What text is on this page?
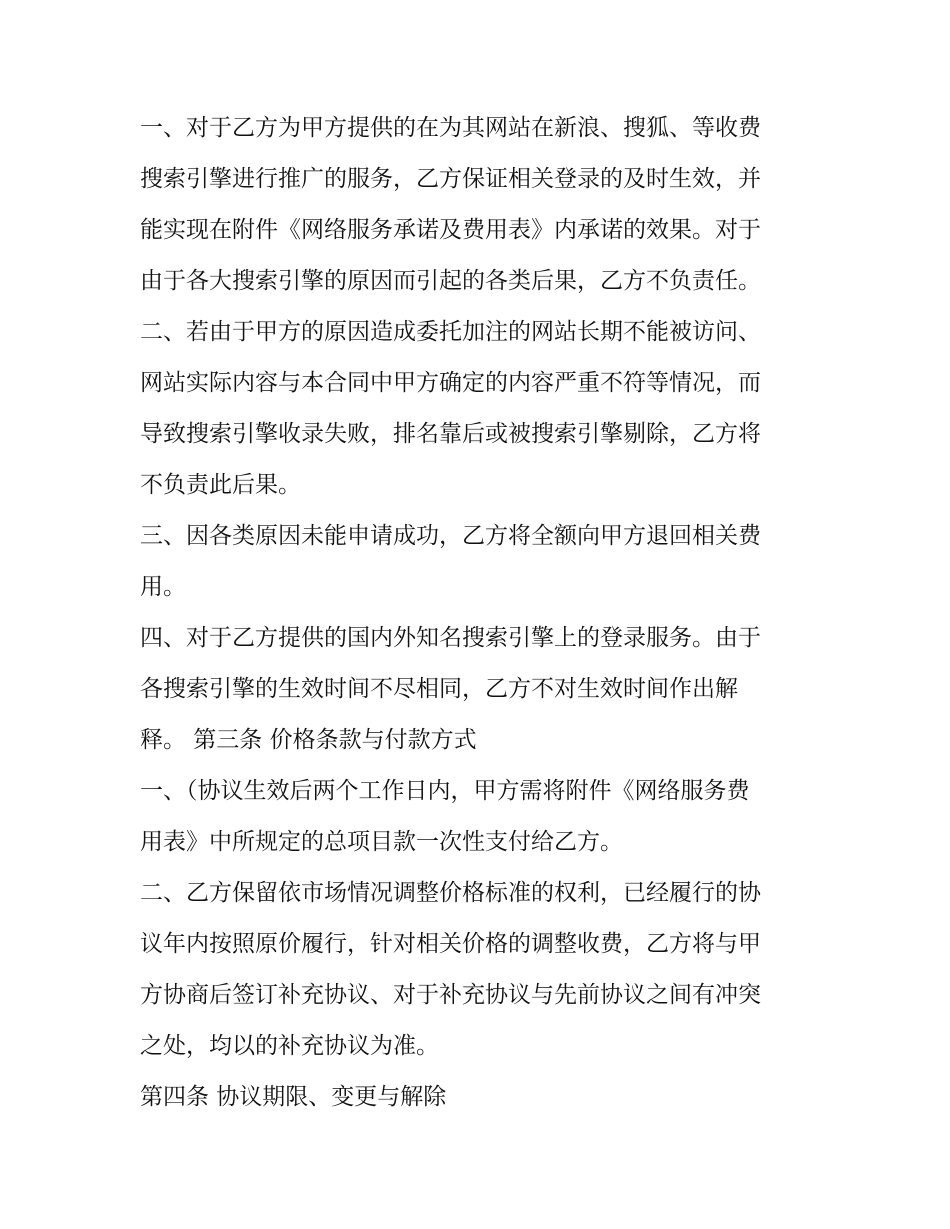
一、对于乙方为甲方提供的在为其网站在新浪、搜狐、等收费
搜索引擎进行推广的服务，乙方保证相关登录的及时生效，并
能实现在附件《网络服务承诺及费用表》内承诺的效果。对于
由于各大搜索引擎的原因而引起的各类后果，乙方不负责任。
二、若由于甲方的原因造成委托加注的网站长期不能被访问、
网站实际内容与本合同中甲方确定的内容严重不符等情况，而
导致搜索引擎收录失败，排名靠后或被搜索引擎剔除，乙方将
不负责此后果。
三、因各类原因未能申请成功，乙方将全额向甲方退回相关费
用。
四、对于乙方提供的国内外知名搜索引擎上的登录服务。由于
各搜索引擎的生效时间不尽相同，乙方不对生效时间作出解
释。 第三条 价格条款与付款方式
一、（协议生效后两个工作日内，甲方需将附件《网络服务费
用表》中所规定的总项目款一次性支付给乙方。
二、乙方保留依市场情况调整价格标准的权利，已经履行的协
议年内按照原价履行，针对相关价格的调整收费，乙方将与甲
方协商后签订补充协议、对于补充协议与先前协议之间有冲突
之处，均以的补充协议为准。
第四条 协议期限、变更与解除
